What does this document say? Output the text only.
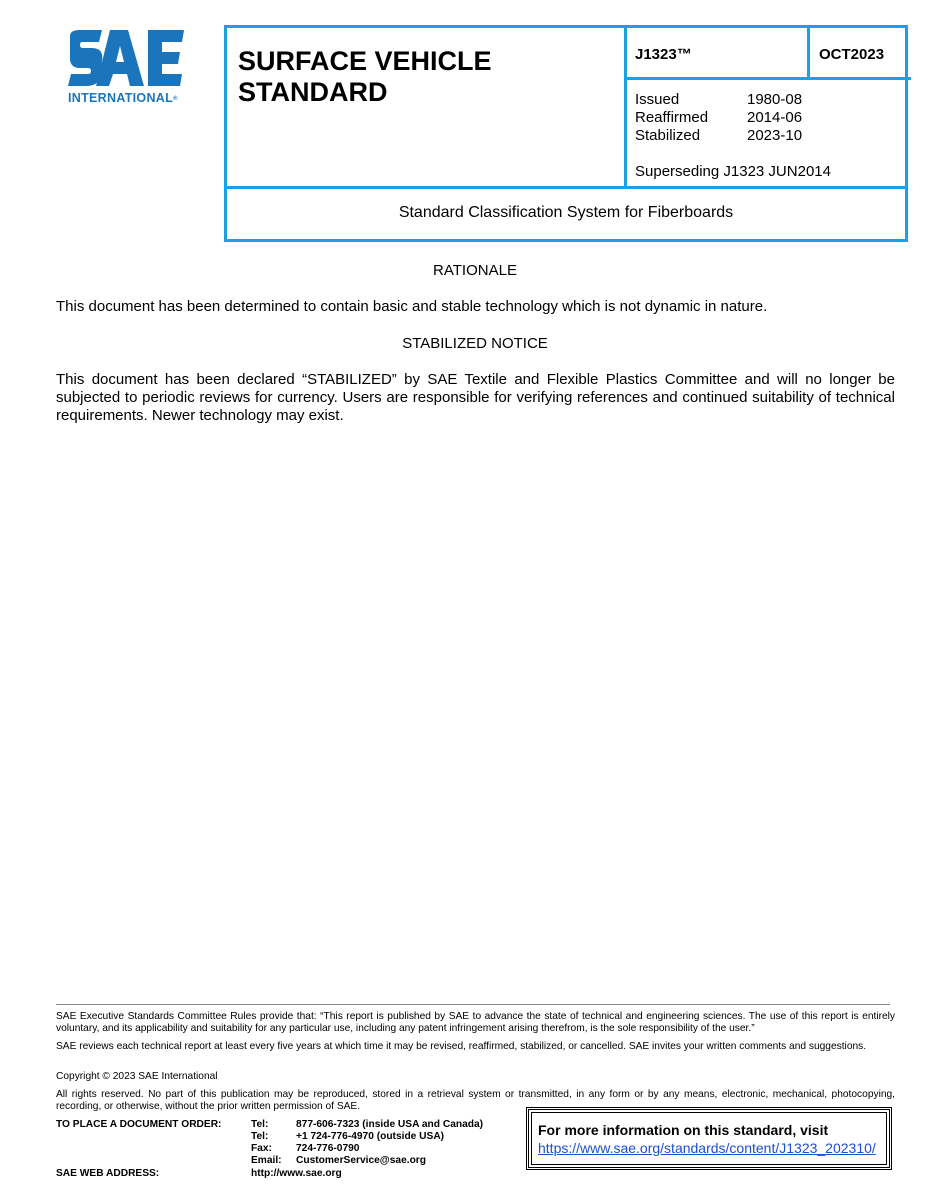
INTERNATIONAL®
SURFACE VEHICLE STANDARD
J1323™	OCT2023
Issued	1980-08
Reaffirmed	2014-06
Stabilized	2023-10
Superseding J1323 JUN2014
Standard Classification System for Fiberboards
RATIONALE
This document has been determined to contain basic and stable technology which is not dynamic in nature.
STABILIZED NOTICE
This document has been declared “STABILIZED” by SAE Textile and Flexible Plastics Committee and will no longer be subjected to periodic reviews for currency. Users are responsible for verifying references and continued suitability of technical requirements. Newer technology may exist.
SAE Executive Standards Committee Rules provide that: “This report is published by SAE to advance the state of technical and engineering sciences. The use of this report is entirely voluntary, and its applicability and suitability for any particular use, including any patent infringement arising therefrom, is the sole responsibility of the user.”
SAE reviews each technical report at least every five years at which time it may be revised, reaffirmed, stabilized, or cancelled. SAE invites your written comments and suggestions.
Copyright © 2023 SAE International
All rights reserved. No part of this publication may be reproduced, stored in a retrieval system or transmitted, in any form or by any means, electronic, mechanical, photocopying, recording, or otherwise, without the prior written permission of SAE.
TO PLACE A DOCUMENT ORDER:	Tel:	877-606-7323 (inside USA and Canada)
Tel:	+1 724-776-4970 (outside USA)
Fax:	724-776-0790
Email:	CustomerService@sae.org
SAE WEB ADDRESS:	http://www.sae.org
For more information on this standard, visit
https://www.sae.org/standards/content/J1323_202310/
